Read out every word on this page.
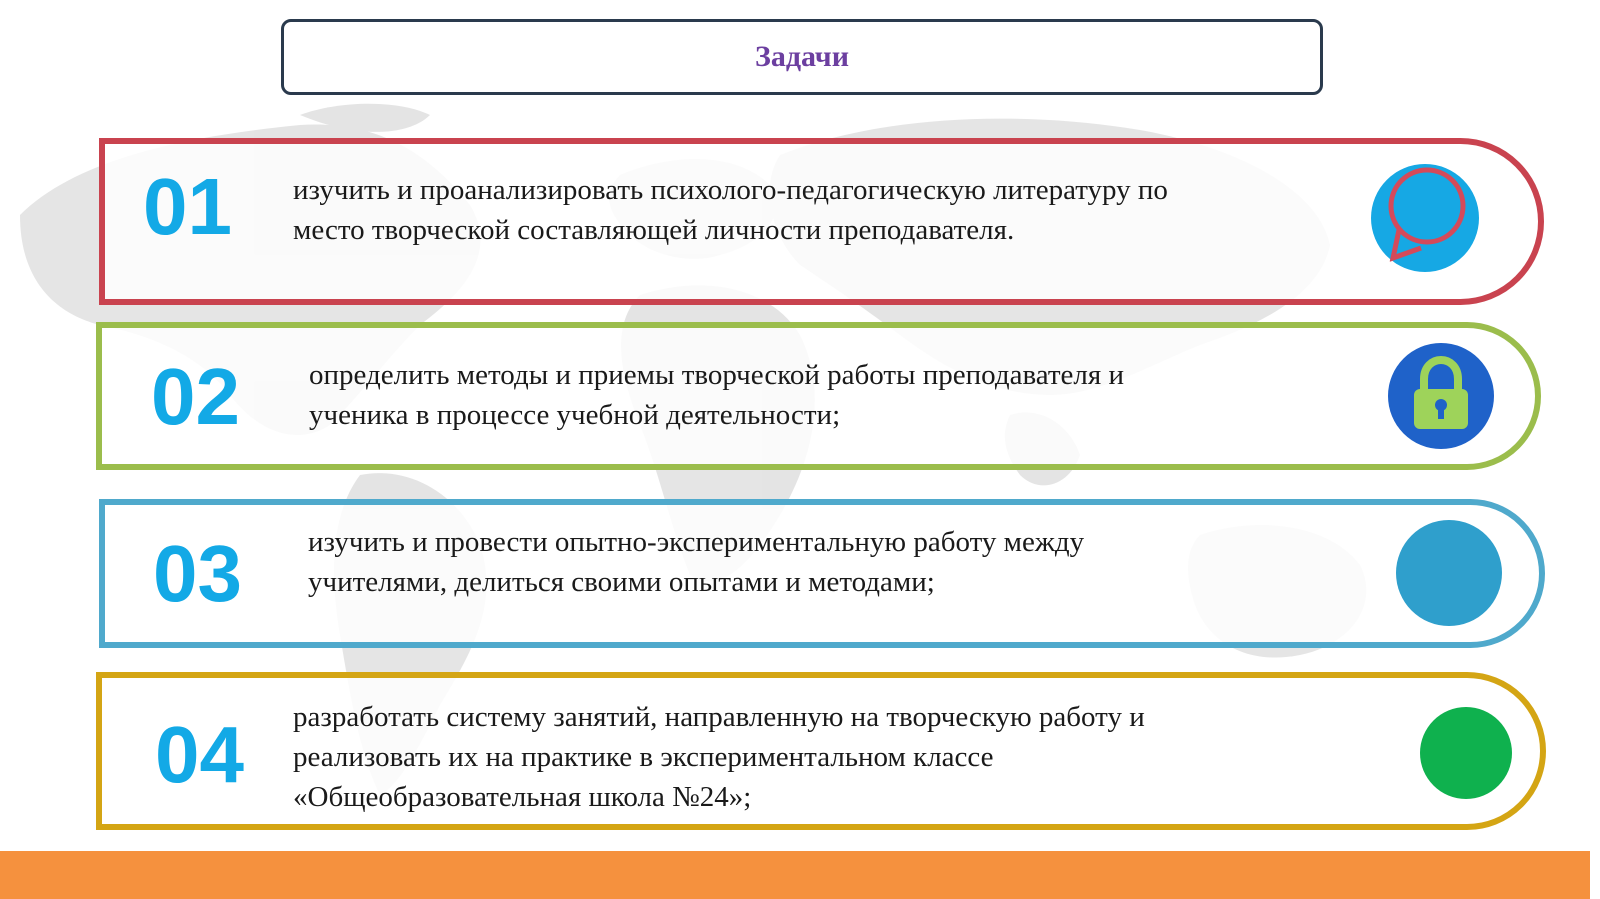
Задачи
01 изучить и проанализировать психолого-педагогическую литературу по
место творческой составляющей личности преподавателя.
02 определить методы и приемы творческой работы преподавателя и
ученика в процессе учебной деятельности;
03 изучить и провести опытно-экспериментальную работу между
учителями, делиться своими опытами и методами;
04 разработать систему занятий, направленную на творческую работу и
реализовать их на практике в экспериментальном классе
«Общеобразовательная школа №24»;
